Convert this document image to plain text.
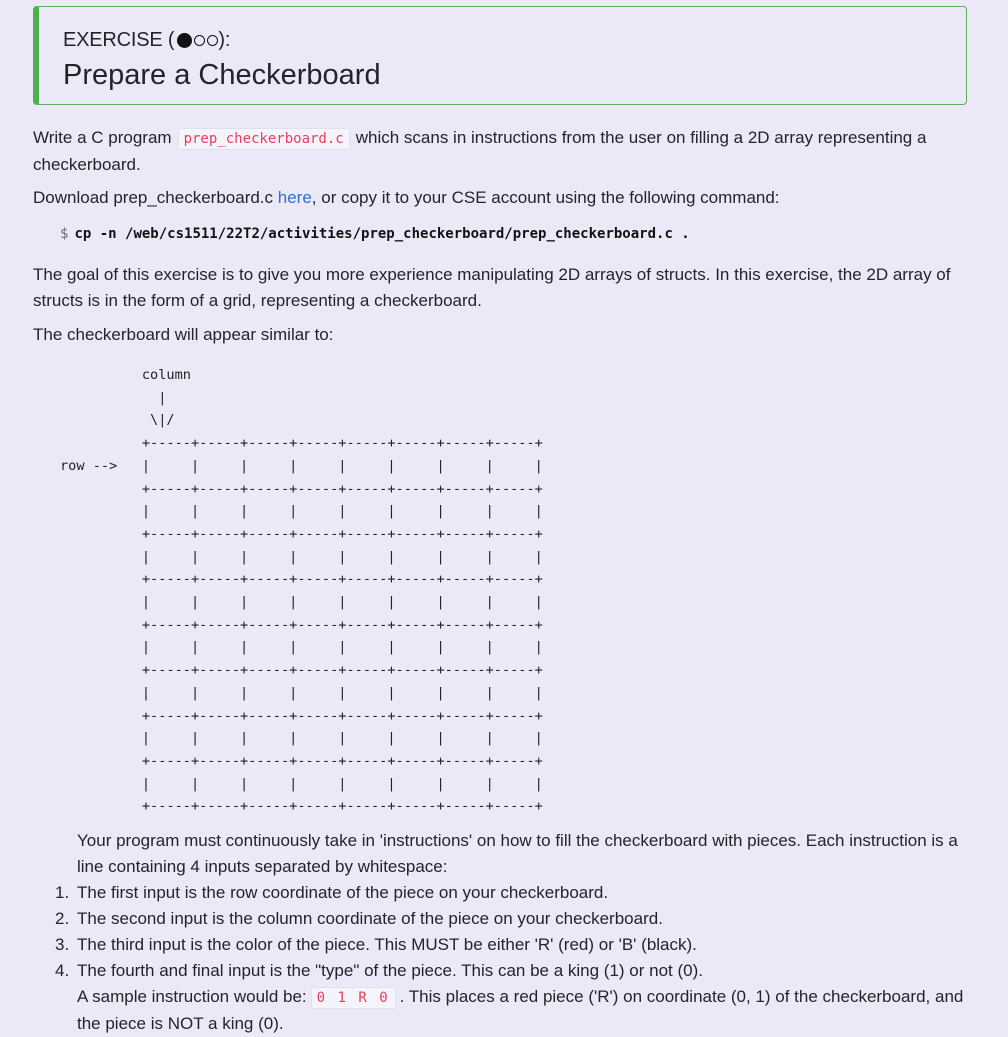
EXERCISE ( ):
Prepare a Checkerboard
Write a C program prep_checkerboard.c which scans in instructions from the user on filling a 2D array representing a checkerboard.
Download prep_checkerboard.c here, or copy it to your CSE account using the following command:
$ cp -n /web/cs1511/22T2/activities/prep_checkerboard/prep_checkerboard.c .
The goal of this exercise is to give you more experience manipulating 2D arrays of structs. In this exercise, the 2D array of structs is in the form of a grid, representing a checkerboard.
The checkerboard will appear similar to:
column
|
\|/
+-----+-----+-----+-----+-----+-----+-----+-----+
row -->   |     |     |     |     |     |     |     |     |
+-----+-----+-----+-----+-----+-----+-----+-----+
|     |     |     |     |     |     |     |     |
+-----+-----+-----+-----+-----+-----+-----+-----+
|     |     |     |     |     |     |     |     |
+-----+-----+-----+-----+-----+-----+-----+-----+
|     |     |     |     |     |     |     |     |
+-----+-----+-----+-----+-----+-----+-----+-----+
|     |     |     |     |     |     |     |     |
+-----+-----+-----+-----+-----+-----+-----+-----+
|     |     |     |     |     |     |     |     |
+-----+-----+-----+-----+-----+-----+-----+-----+
|     |     |     |     |     |     |     |     |
+-----+-----+-----+-----+-----+-----+-----+-----+
|     |     |     |     |     |     |     |     |
+-----+-----+-----+-----+-----+-----+-----+-----+
Your program must continuously take in 'instructions' on how to fill the checkerboard with pieces. Each instruction is a line containing 4 inputs separated by whitespace:
1. The first input is the row coordinate of the piece on your checkerboard.
2. The second input is the column coordinate of the piece on your checkerboard.
3. The third input is the color of the piece. This MUST be either 'R' (red) or 'B' (black).
4. The fourth and final input is the "type" of the piece. This can be a king (1) or not (0).
A sample instruction would be: 0 1 R 0 . This places a red piece ('R') on coordinate (0, 1) of the checkerboard, and the piece is NOT a king (0).
